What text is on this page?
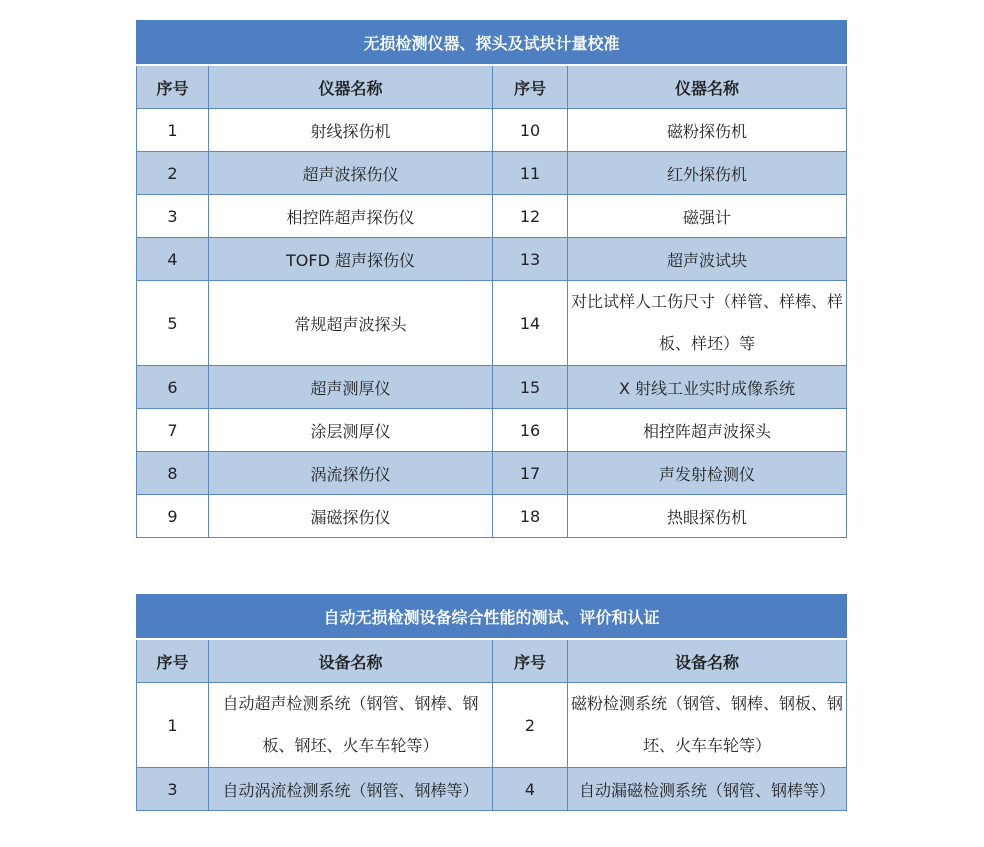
无损检测仪器、探头及试块计量校准			
序号	仪器名称	序号	仪器名称
1	射线探伤机	10	磁粉探伤机
2	超声波探伤仪	11	红外探伤机
3	相控阵超声探伤仪	12	磁强计
4	TOFD 超声探伤仪	13	超声波试块
5	常规超声波探头	14	对比试样人工伤尺寸（样管、样棒、样板、样坯）等
6	超声测厚仪	15	X 射线工业实时成像系统
7	涂层测厚仪	16	相控阵超声波探头
8	涡流探伤仪	17	声发射检测仪
9	漏磁探伤仪	18	热眼探伤机
自动无损检测设备综合性能的测试、评价和认证			
序号	设备名称	序号	设备名称
1	自动超声检测系统（钢管、钢棒、钢板、钢坯、火车车轮等）	2	磁粉检测系统（钢管、钢棒、钢板、钢坯、火车车轮等）
3	自动涡流检测系统（钢管、钢棒等）	4	自动漏磁检测系统（钢管、钢棒等）
